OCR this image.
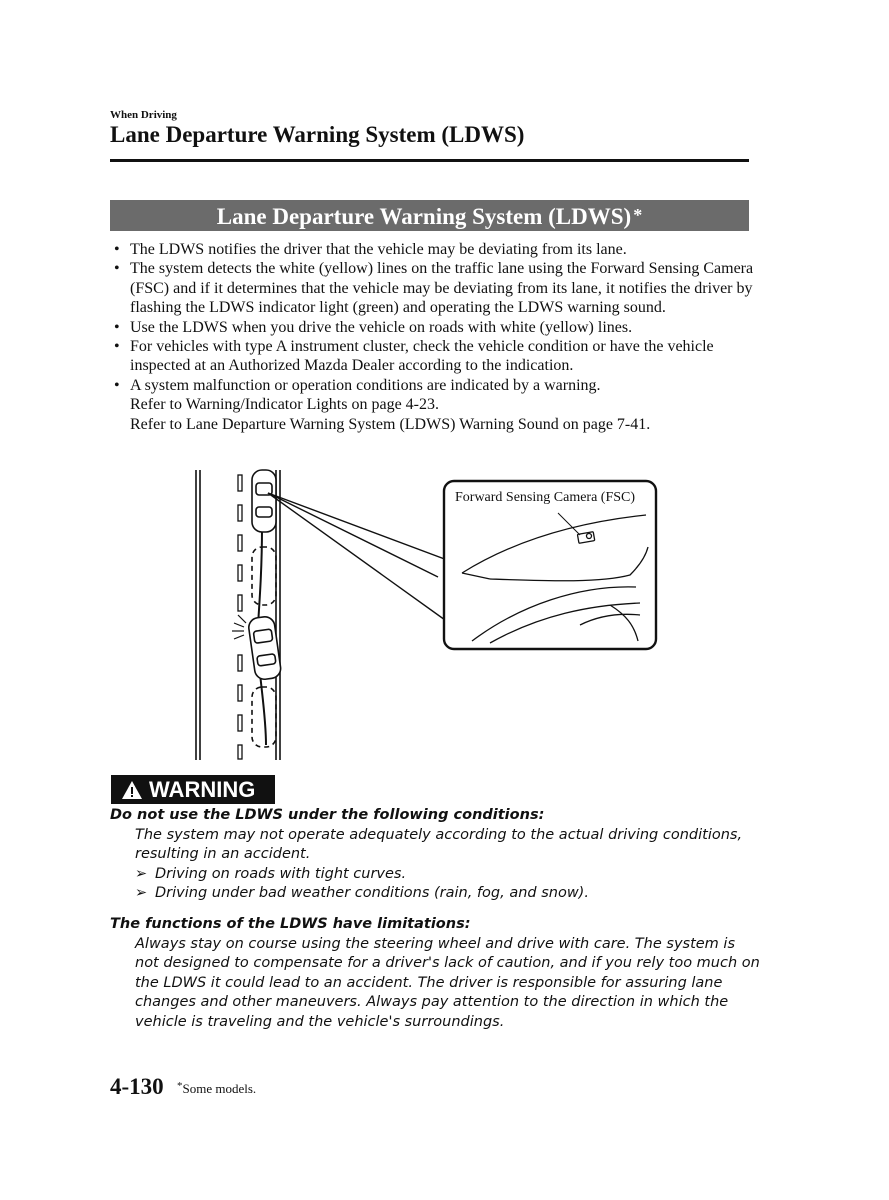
When Driving
Lane Departure Warning System (LDWS)
Lane Departure Warning System (LDWS) *
• The LDWS notifies the driver that the vehicle may be deviating from its lane.
• The system detects the white (yellow) lines on the traffic lane using the Forward Sensing Camera (FSC) and if it determines that the vehicle may be deviating from its lane, it notifies the driver by flashing the LDWS indicator light (green) and operating the LDWS warning sound.
• Use the LDWS when you drive the vehicle on roads with white (yellow) lines.
• For vehicles with type A instrument cluster, check the vehicle condition or have the vehicle inspected at an Authorized Mazda Dealer according to the indication.
• A system malfunction or operation conditions are indicated by a warning.
Refer to Warning/Indicator Lights on page 4-23.
Refer to Lane Departure Warning System (LDWS) Warning Sound on page 7-41.
Forward Sensing Camera (FSC)
WARNING
Do not use the LDWS under the following conditions:
The system may not operate adequately according to the actual driving conditions, resulting in an accident.
➢ Driving on roads with tight curves.
➢ Driving under bad weather conditions (rain, fog, and snow).
The functions of the LDWS have limitations:
Always stay on course using the steering wheel and drive with care. The system is not designed to compensate for a driver's lack of caution, and if you rely too much on the LDWS it could lead to an accident. The driver is responsible for assuring lane changes and other maneuvers. Always pay attention to the direction in which the vehicle is traveling and the vehicle's surroundings.
4-130 *Some models.
